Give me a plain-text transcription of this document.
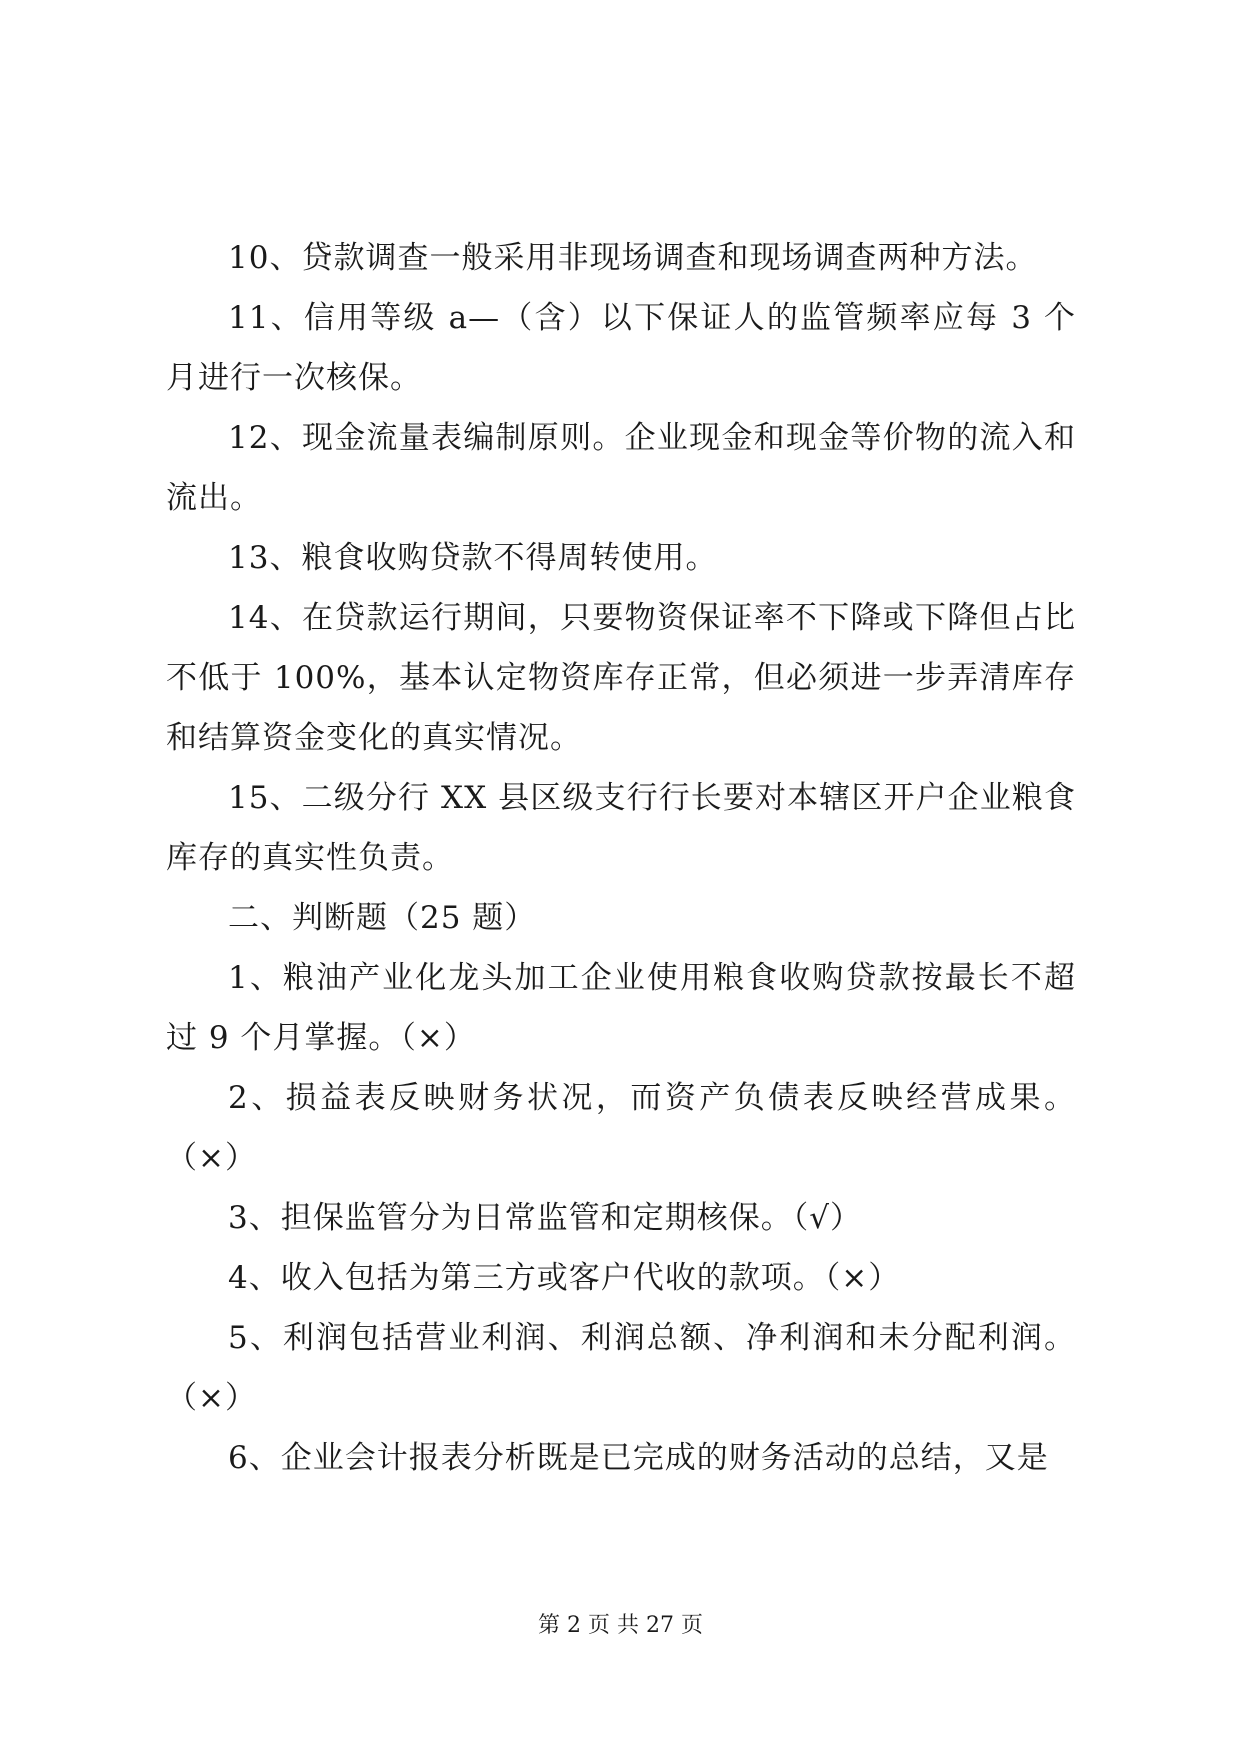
10、贷款调查一般采用非现场调查和现场调查两种方法。

11、信用等级 a—（含）以下保证人的监管频率应每 3 个月进行一次核保。

12、现金流量表编制原则。企业现金和现金等价物的流入和流出。

13、粮食收购贷款不得周转使用。

14、在贷款运行期间，只要物资保证率不下降或下降但占比不低于 100%，基本认定物资库存正常，但必须进一步弄清库存和结算资金变化的真实情况。

15、二级分行 XX 县区级支行行长要对本辖区开户企业粮食库存的真实性负责。

二、判断题（25 题）

1、粮油产业化龙头加工企业使用粮食收购贷款按最长不超过 9 个月掌握。（×）

2、损益表反映财务状况，而资产负债表反映经营成果。（×）

3、担保监管分为日常监管和定期核保。（√）

4、收入包括为第三方或客户代收的款项。（×）

5、利润包括营业利润、利润总额、净利润和未分配利润。（×）

6、企业会计报表分析既是已完成的财务活动的总结，又是

第 2 页 共 27 页
